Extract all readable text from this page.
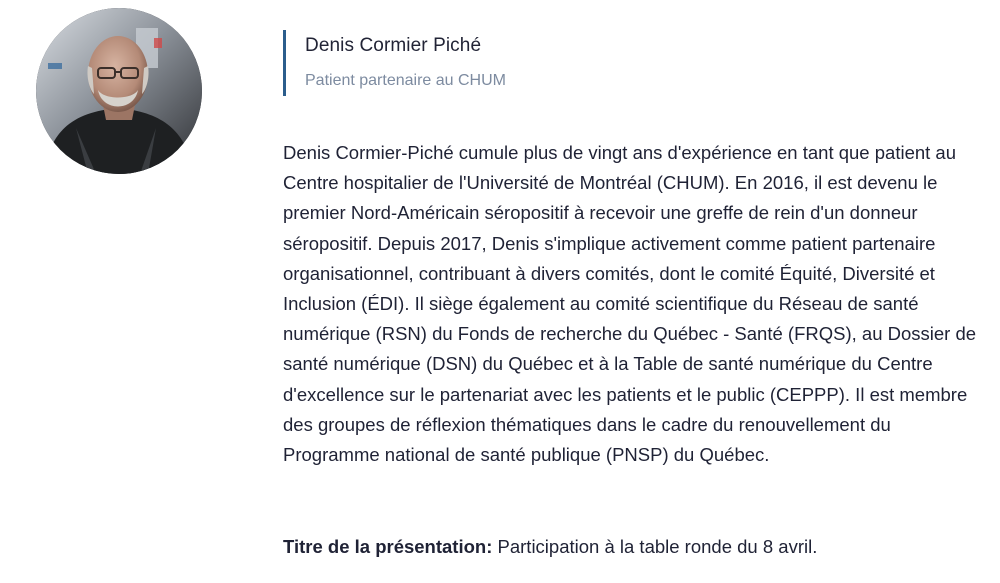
Denis Cormier Piché
Patient partenaire au CHUM

Denis Cormier-Piché cumule plus de vingt ans d'expérience en tant que patient au Centre hospitalier de l'Université de Montréal (CHUM). En 2016, il est devenu le premier Nord-Américain séropositif à recevoir une greffe de rein d'un donneur séropositif. Depuis 2017, Denis s'implique activement comme patient partenaire organisationnel, contribuant à divers comités, dont le comité Équité, Diversité et Inclusion (ÉDI). Il siège également au comité scientifique du Réseau de santé numérique (RSN) du Fonds de recherche du Québec - Santé (FRQS), au Dossier de santé numérique (DSN) du Québec et à la Table de santé numérique du Centre d'excellence sur le partenariat avec les patients et le public (CEPPP). Il est membre des groupes de réflexion thématiques dans le cadre du renouvellement du Programme national de santé publique (PNSP) du Québec.

Titre de la présentation: Participation à la table ronde du 8 avril.
